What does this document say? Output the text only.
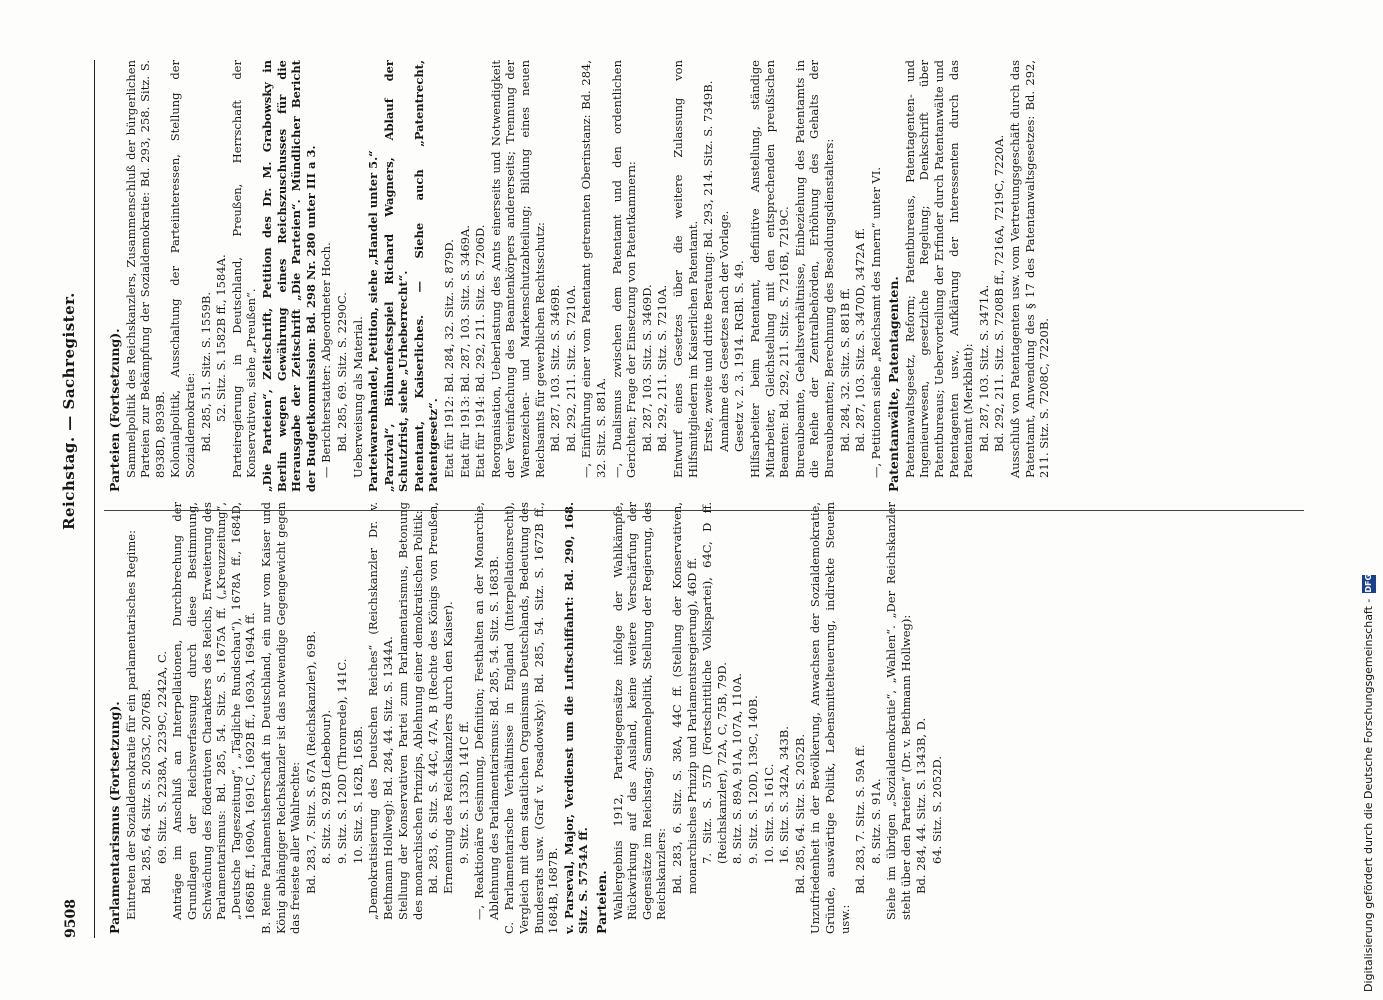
9508
Reichstag. — Sachregister.

Parlamentarismus (Fortsetzung). Eintreten der Sozialdemokratie für ein parlamentarisches Regime: Bd. 285, 64. Sitz. S. 2053C, 2076B. 69. Sitz. S. 2238A, 2239C, 2242A, C. Anträge im Anschluß an Interpellationen, Durchbrechung der Grundlagen der Reichsverfassung durch diese Bestimmung, Schwächung des föderativen Charakters des Reichs, Erweiterung des Parlamentarismus: Bd. 285, 54. Sitz. S. 1675A ff. („Kreuzzeitung“, „Deutsche Tageszeitung“, „Tägliche Rundschau“), 1678A ff., 1684D, 1686B ff., 1690A, 1691C, 1692B ff., 1693A, 1694A ff. B. Reine Parlamentsherrschaft in Deutschland, ein nur vom Kaiser und König abhängiger Reichskanzler ist das notwendige Gegengewicht gegen das freieste aller Wahlrechte: Bd. 283, 7. Sitz. S. 67A (Reichskanzler), 69B. 8. Sitz. S. 92B (Lebebour). 9. Sitz. S. 120D (Thronrede), 141C. 10. Sitz. S. 162B, 165B. „Demokratisierung des Deutschen Reiches“ (Reichskanzler Dr. v. Bethmann Hollweg): Bd. 284, 44. Sitz. S. 1344A. Stellung der Konservativen Partei zum Parlamentarismus, Betonung des monarchischen Prinzips, Ablehnung einer demokratischen Politik: Bd. 283, 6. Sitz. S. 44C, 47A, B (Rechte des Königs von Preußen, Ernennung des Reichskanzlers durch den Kaiser). 9. Sitz. S. 133D, 141C ff. —, Reaktionäre Gesinnung, Definition; Festhalten an der Monarchie, Ablehnung des Parlamentarismus: Bd. 285, 54. Sitz. S. 1683B. C. Parlamentarische Verhältnisse in England (Interpellationsrecht), Vergleich mit dem staatlichen Organismus Deutschlands, Bedeutung des Bundesrats usw. (Graf v. Posadowsky): Bd. 285, 54. Sitz. S. 1672B ff., 1684B, 1687B. v. Parseval, Major, Verdienst um die Luftschiffahrt: Bd. 290, 168. Sitz. S. 5754A ff. Parteien. Wahlergebnis 1912, Parteigegensätze infolge der Wahlkämpfe, Rückwirkung auf das Ausland, keine weitere Verschärfung der Gegensätze im Reichstag; Sammelpolitik, Stellung der Regierung, des Reichskanzlers: Bd. 283, 6. Sitz. S. 38A, 44C ff. (Stellung der Konservativen, monarchisches Prinzip und Parlamentsregierung), 46D ff. 7. Sitz. S. 57D (Fortschrittliche Volkspartei), 64C, D ff. (Reichskanzler), 72A, C, 75B, 79D. 8. Sitz. S. 89A, 91A, 107A, 110A. 9. Sitz. S. 120D, 139C, 140B. 10. Sitz. S. 161C. 16. Sitz. S. 342A, 343B. Bd. 285, 64. Sitz. S. 2052B. Unzufriedenheit in der Bevölkerung, Anwachsen der Sozialdemokratie, Gründe, auswärtige Politik, Lebensmittelteuerung, indirekte Steuern usw.:

Bd. 283, 7. Sitz. S. 59A ff. 8. Sitz. S. 91A. Siehe im übrigen „Sozialdemokratie“, „Wahlen“. „Der Reichskanzler steht über den Parteien“ (Dr. v. Bethmann Hollweg): Bd. 284, 44. Sitz. S. 1343B, D. 64. Sitz. S. 2052D.

Parteien (Fortsetzung). Sammelpolitik des Reichskanzlers, Zusammenschluß der bürgerlichen Parteien zur Bekämpfung der Sozialdemokratie: Bd. 293, 258. Sitz. S. 8938D, 8939B. Kolonialpolitik, Ausschaltung der Parteiinteressen, Stellung der Sozialdemokratie: Bd. 285, 51. Sitz. S. 1559B. 52. Sitz. S. 1582B ff., 1584A. Parteiregierung in Deutschland, Preußen, Herrschaft der Konservativen, siehe „Preußen“. „Die Parteien“, Zeitschrift, Petition des Dr. M. Grabowsky in Berlin wegen Gewährung eines Reichszuschusses für die Herausgabe der Zeitschrift „Die Parteien“. Mündlicher Bericht der Budgetkommission: Bd. 298 Nr. 280 unter III a 3. — Berichterstatter: Abgeordneter Hoch. Bd. 285, 69. Sitz. S. 2290C. Ueberweisung als Material. Parteiwarenhandel, Petition, siehe „Handel unter 5.“ „Parzival“, Bühnenfestspiel Richard Wagners, Ablauf der Schutzfrist, siehe „Urheberrecht“. Patentamt, Kaiserliches. — Siehe auch „Patentrecht, Patentgesetz“. Etat für 1912: Bd. 284, 32. Sitz. S. 879D. Etat für 1913: Bd. 287, 103. Sitz. S. 3469A. Etat für 1914: Bd. 292, 211. Sitz. S. 7206D. Reorganisation, Ueberlastung des Amts einerseits und Notwendigkeit der Vereinfachung des Beamtenkörpers andererseits; Trennung der Warenzeichen- und Markenschutzabteilung; Bildung eines neuen Reichsamts für gewerblichen Rechtsschutz: Bd. 287, 103. Sitz. S. 3469B. Bd. 292, 211. Sitz. S. 7210A. —, Einführung einer vom Patentamt getrennten Oberinstanz: Bd. 284, 32. Sitz. S. 881A. —, Dualismus zwischen dem Patentamt und den ordentlichen Gerichten; Frage der Einsetzung von Patentkammern: Bd. 287, 103. Sitz. S. 3469D. Bd. 292, 211. Sitz. S. 7210A. Entwurf eines Gesetzes über die weitere Zulassung von Hilfsmitgliedern im Kaiserlichen Patentamt. Erste, zweite und dritte Beratung: Bd. 293, 214. Sitz. S. 7349B. Annahme des Gesetzes nach der Vorlage. Gesetz v. 2. 3. 1914. RGBl. S. 49. Hilfsarbeiter beim Patentamt, definitive Anstellung, ständige Mitarbeiter, Gleichstellung mit den entsprechenden preußischen Beamten: Bd. 292, 211. Sitz. S. 7216B, 7219C. Bureaubeamte, Gehaltsverhältnisse, Einbeziehung des Patentamts in die Reihe der Zentralbehörden, Erhöhung des Gehalts der Bureaubeamten; Berechnung des Besoldungsdienstalters: Bd. 284, 32. Sitz. S. 881B ff. Bd. 287, 103. Sitz. S. 3470D, 3472A ff. —, Petitionen siehe „Reichsamt des Innern“ unter VI. Patentanwälte, Patentagenten. Patentanwaltsgesetz, Reform; Patentbureaus, Patentagenten- und Ingenieurwesen, gesetzliche Regelung; Denkschrift über Patentbureaus; Uebervorteilung der Erfinder durch Patentanwälte und Patentagenten usw., Aufklärung der Interessenten durch das Patentamt (Merkblatt): Bd. 287, 103. Sitz. S. 3471A. Bd. 292, 211. Sitz. S. 7208B ff., 7216A, 7219C, 7220A. Ausschluß von Patentagenten usw. vom Vertretungsgeschäft durch das Patentamt, Anwendung des § 17 des Patentanwaltsgesetzes: Bd. 292, 211. Sitz. S. 7208C, 7220B.

Digitalisierung gefördert durch die Deutsche Forschungsgemeinschaft -
DFG
